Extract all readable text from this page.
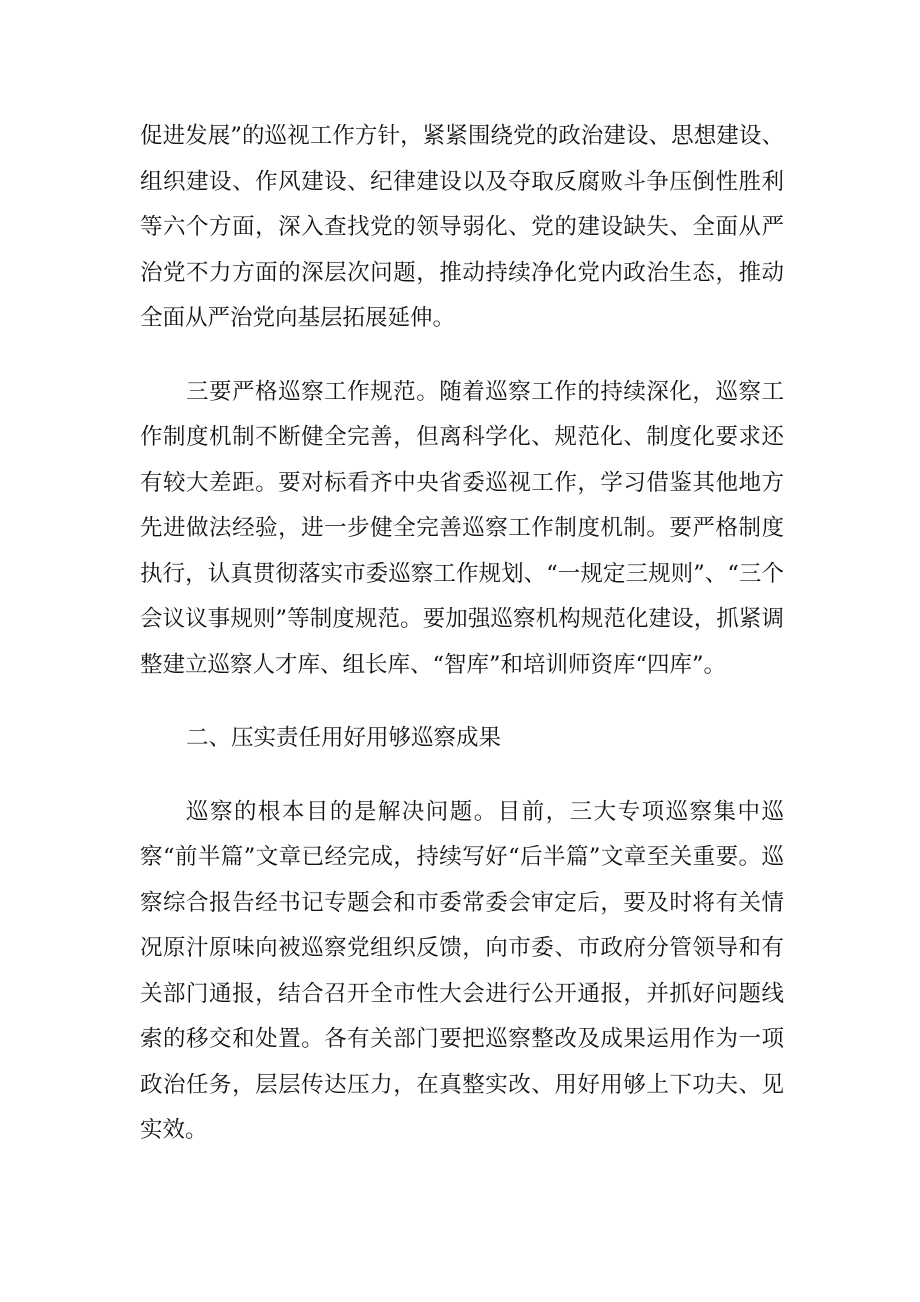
促进发展”的巡视工作方针，紧紧围绕党的政治建设、思想建设、组织建设、作风建设、纪律建设以及夺取反腐败斗争压倒性胜利等六个方面，深入查找党的领导弱化、党的建设缺失、全面从严治党不力方面的深层次问题，推动持续净化党内政治生态，推动全面从严治党向基层拓展延伸。

三要严格巡察工作规范。随着巡察工作的持续深化，巡察工作制度机制不断健全完善，但离科学化、规范化、制度化要求还有较大差距。要对标看齐中央省委巡视工作，学习借鉴其他地方先进做法经验，进一步健全完善巡察工作制度机制。要严格制度执行，认真贯彻落实市委巡察工作规划、“一规定三规则”、“三个会议议事规则”等制度规范。要加强巡察机构规范化建设，抓紧调整建立巡察人才库、组长库、“智库”和培训师资库“四库”。

二、压实责任用好用够巡察成果

巡察的根本目的是解决问题。目前，三大专项巡察集中巡察“前半篇”文章已经完成，持续写好“后半篇”文章至关重要。巡察综合报告经书记专题会和市委常委会审定后，要及时将有关情况原汁原味向被巡察党组织反馈，向市委、市政府分管领导和有关部门通报，结合召开全市性大会进行公开通报，并抓好问题线索的移交和处置。各有关部门要把巡察整改及成果运用作为一项政治任务，层层传达压力，在真整实改、用好用够上下功夫、见实效。
